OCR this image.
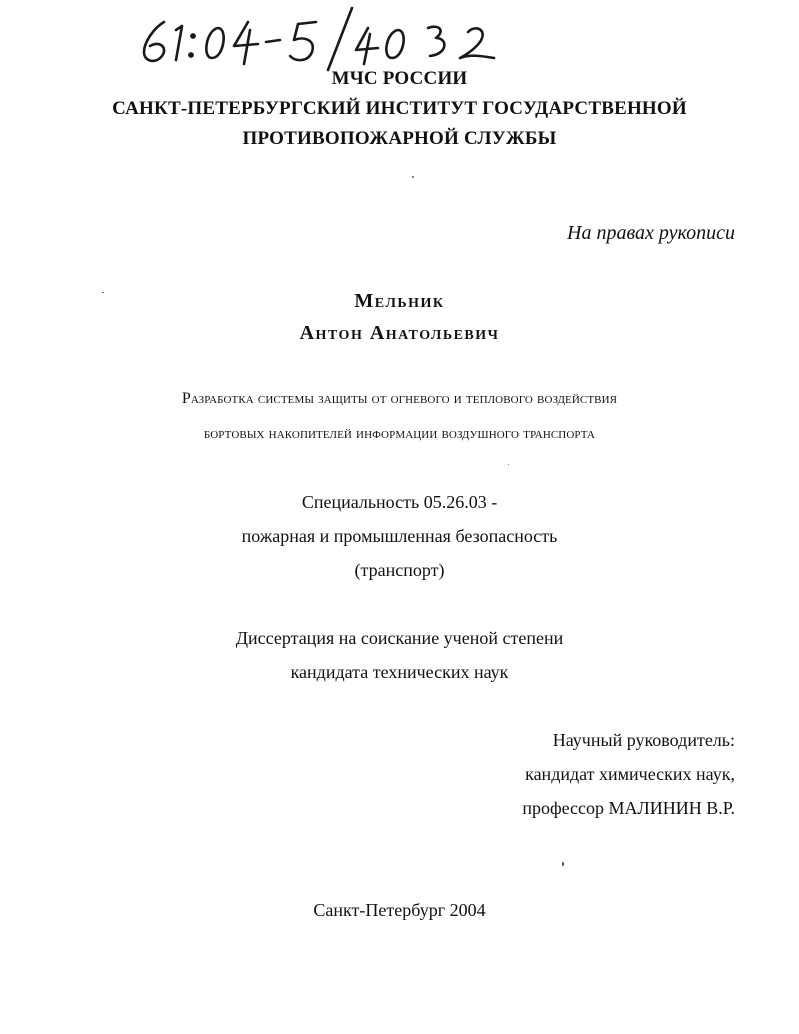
МЧС РОССИИ
САНКТ-ПЕТЕРБУРГСКИЙ ИНСТИТУТ ГОСУДАРСТВЕННОЙ
ПРОТИВОПОЖАРНОЙ СЛУЖБЫ
На правах рукописи
Мельник
Антон Анатольевич
Разработка системы защиты от огневого и теплового воздействия
бортовых накопителей информации воздушного транспорта
Специальность 05.26.03 -
пожарная и промышленная безопасность
(транспорт)
Диссертация на соискание ученой степени
кандидата технических наук
Научный руководитель:
кандидат химических наук,
профессор МАЛИНИН В.Р.
Санкт-Петербург 2004
